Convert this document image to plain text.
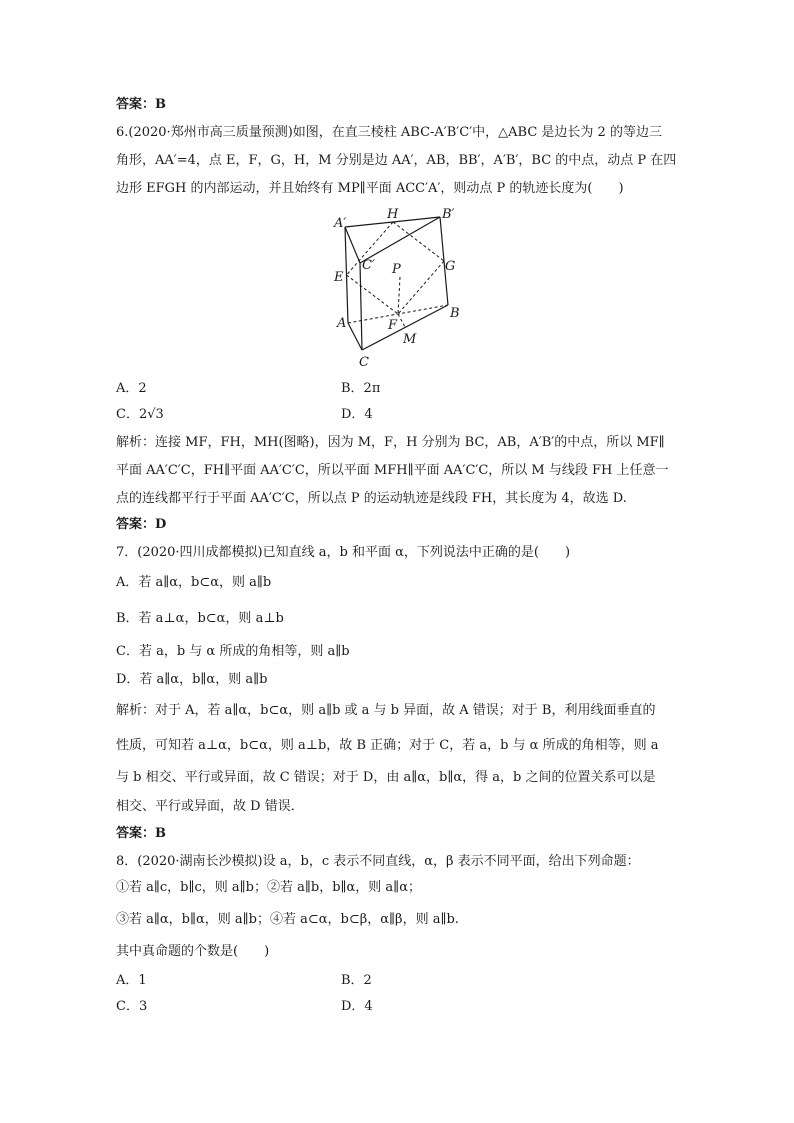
答案：B
6.(2020·郑州市高三质量预测)如图，在直三棱柱 ABC-A′B′C′中，△ABC 是边长为 2 的等边三
角形，AA′=4，点 E，F，G，H，M 分别是边 AA′，AB，BB′，A′B′，BC 的中点，动点 P 在四
边形 EFGH 的内部运动，并且始终有 MP∥平面 ACC′A′，则动点 P 的轨迹长度为(　　)
A′
H	B′
C′ P	G
E
A	F
B
M
C
A．2	B．2π
C．2√3	D．4
解析：连接 MF，FH，MH(图略)，因为 M，F，H 分别为 BC，AB，A′B′的中点，所以 MF∥
平面 AA′C′C，FH∥平面 AA′C′C，所以平面 MFH∥平面 AA′C′C，所以 M 与线段 FH 上任意一
点的连线都平行于平面 AA′C′C，所以点 P 的运动轨迹是线段 FH，其长度为 4，故选 D.
答案：D
7．(2020·四川成都模拟)已知直线 a，b 和平面 α，下列说法中正确的是(　　)
A．若 a∥α，b⊂α，则 a∥b
B．若 a⊥α，b⊂α，则 a⊥b
C．若 a，b 与 α 所成的角相等，则 a∥b
D．若 a∥α，b∥α，则 a∥b
解析：对于 A，若 a∥α，b⊂α，则 a∥b 或 a 与 b 异面，故 A 错误；对于 B，利用线面垂直的
性质，可知若 a⊥α，b⊂α，则 a⊥b，故 B 正确；对于 C，若 a，b 与 α 所成的角相等，则 a
与 b 相交、平行或异面，故 C 错误；对于 D，由 a∥α，b∥α，得 a，b 之间的位置关系可以是
相交、平行或异面，故 D 错误．
答案：B
8．(2020·湖南长沙模拟)设 a，b，c 表示不同直线，α，β 表示不同平面，给出下列命题：
①若 a∥c，b∥c，则 a∥b；②若 a∥b，b∥α，则 a∥α；
③若 a∥α，b∥α，则 a∥b；④若 a⊂α，b⊂β，α∥β，则 a∥b.
其中真命题的个数是(　　)
A．1	B．2
C．3	D．4
